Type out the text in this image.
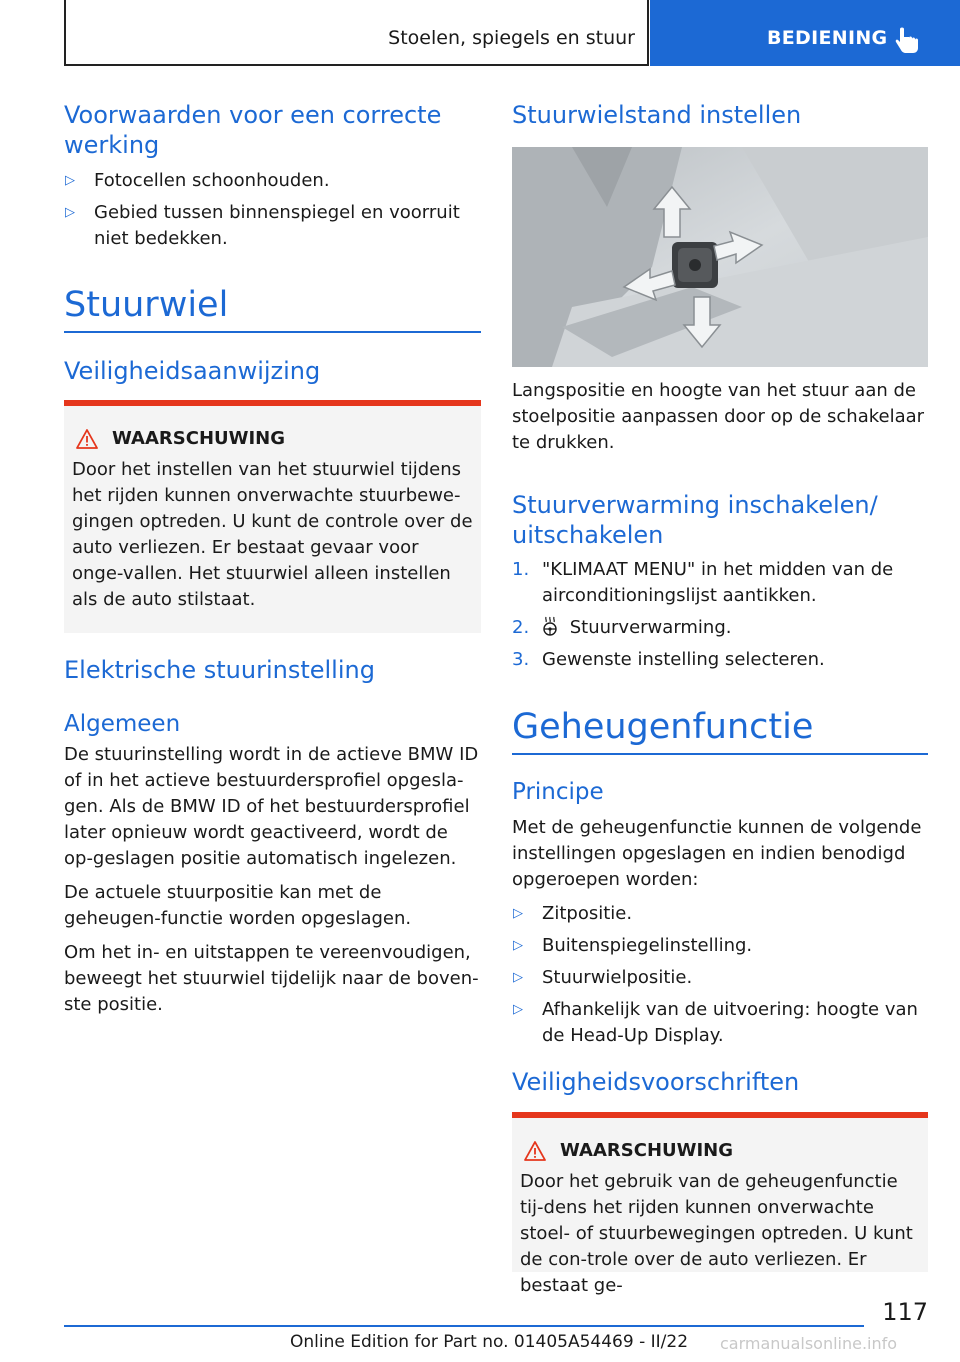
Stoelen, spiegels en stuur	BEDIENING
Voorwaarden voor een correcte werking
▷ Fotocellen schoonhouden.
▷ Gebied tussen binnenspiegel en voorruit niet bedekken.
Stuurwiel
Veiligheidsaanwijzing
WAARSCHUWING

Door het instellen van het stuurwiel tijdens het rijden kunnen onverwachte stuurbewe-gingen optreden. U kunt de controle over de auto verliezen. Er bestaat gevaar voor onge-vallen. Het stuurwiel alleen instellen als de auto stilstaat.

Elektrische stuurinstelling
Algemeen

De stuurinstelling wordt in de actieve BMW ID of in het actieve bestuurdersprofiel opgesla-gen. Als de BMW ID of het bestuurdersprofiel later opnieuw wordt geactiveerd, wordt de op-geslagen positie automatisch ingelezen.

De actuele stuurpositie kan met de geheugen-functie worden opgeslagen.

Om het in- en uitstappen te vereenvoudigen, beweegt het stuurwiel tijdelijk naar de boven-ste positie.

Stuurwielstand instellen

Langspositie en hoogte van het stuur aan de stoelpositie aanpassen door op de schakelaar te drukken.

Stuurverwarming inschakelen/ uitschakelen
1. "KLIMAAT MENU" in het midden van de airconditioningslijst aantikken.
2. Stuurverwarming.
3. Gewenste instelling selecteren.
Geheugenfunctie
Principe

Met de geheugenfunctie kunnen de volgende instellingen opgeslagen en indien benodigd opgeroepen worden:

▷ Zitpositie.
▷ Buitenspiegelinstelling.
▷ Stuurwielpositie.
▷ Afhankelijk van de uitvoering: hoogte van de Head-Up Display.
Veiligheidsvoorschriften
WAARSCHUWING

Door het gebruik van de geheugenfunctie tij-dens het rijden kunnen onverwachte stoel- of stuurbewegingen optreden. U kunt de con-trole over de auto verliezen. Er bestaat ge-

117
Online Edition for Part no. 01405A54469 - II/22 carmanualsonline.info
